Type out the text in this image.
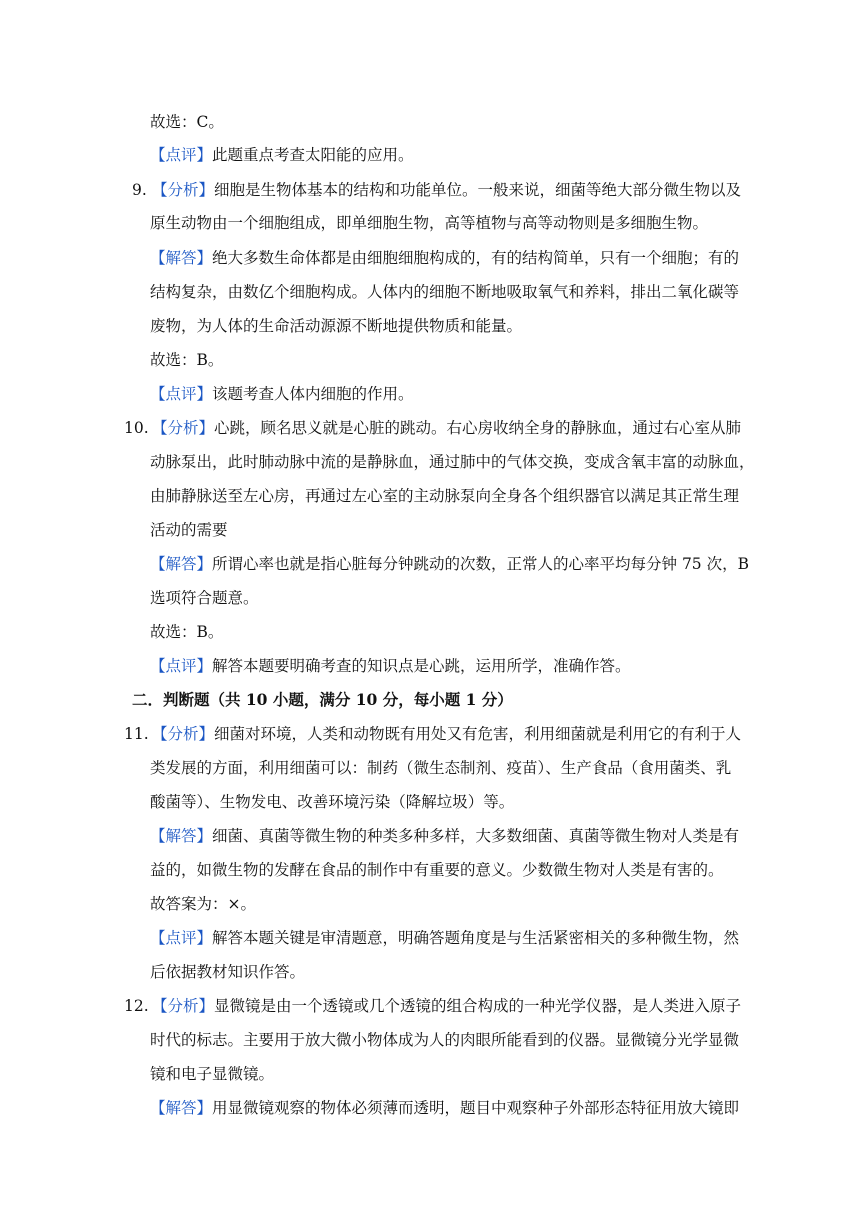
故选：C。
【点评】此题重点考查太阳能的应用。
9. 【分析】细胞是生物体基本的结构和功能单位。一般来说，细菌等绝大部分微生物以及
原生动物由一个细胞组成，即单细胞生物，高等植物与高等动物则是多细胞生物。
【解答】绝大多数生命体都是由细胞细胞构成的，有的结构简单，只有一个细胞；有的
结构复杂，由数亿个细胞构成。人体内的细胞不断地吸取氧气和养料，排出二氧化碳等
废物，为人体的生命活动源源不断地提供物质和能量。
故选：B。
【点评】该题考查人体内细胞的作用。
10. 【分析】心跳，顾名思义就是心脏的跳动。右心房收纳全身的静脉血，通过右心室从肺
动脉泵出，此时肺动脉中流的是静脉血，通过肺中的气体交换，变成含氧丰富的动脉血，
由肺静脉送至左心房，再通过左心室的主动脉泵向全身各个组织器官以满足其正常生理
活动的需要
【解答】所谓心率也就是指心脏每分钟跳动的次数，正常人的心率平均每分钟 75 次，B
选项符合题意。
故选：B。
【点评】解答本题要明确考查的知识点是心跳，运用所学，准确作答。
二．判断题（共 10 小题，满分 10 分，每小题 1 分）
11. 【分析】细菌对环境，人类和动物既有用处又有危害，利用细菌就是利用它的有利于人
类发展的方面，利用细菌可以：制药（微生态制剂、疫苗）、生产食品（食用菌类、乳
酸菌等）、生物发电、改善环境污染（降解垃圾）等。
【解答】细菌、真菌等微生物的种类多种多样，大多数细菌、真菌等微生物对人类是有
益的，如微生物的发酵在食品的制作中有重要的意义。少数微生物对人类是有害的。
故答案为：×。
【点评】解答本题关键是审清题意，明确答题角度是与生活紧密相关的多种微生物，然
后依据教材知识作答。
12. 【分析】显微镜是由一个透镜或几个透镜的组合构成的一种光学仪器，是人类进入原子
时代的标志。主要用于放大微小物体成为人的肉眼所能看到的仪器。显微镜分光学显微
镜和电子显微镜。
【解答】用显微镜观察的物体必须薄而透明，题目中观察种子外部形态特征用放大镜即
